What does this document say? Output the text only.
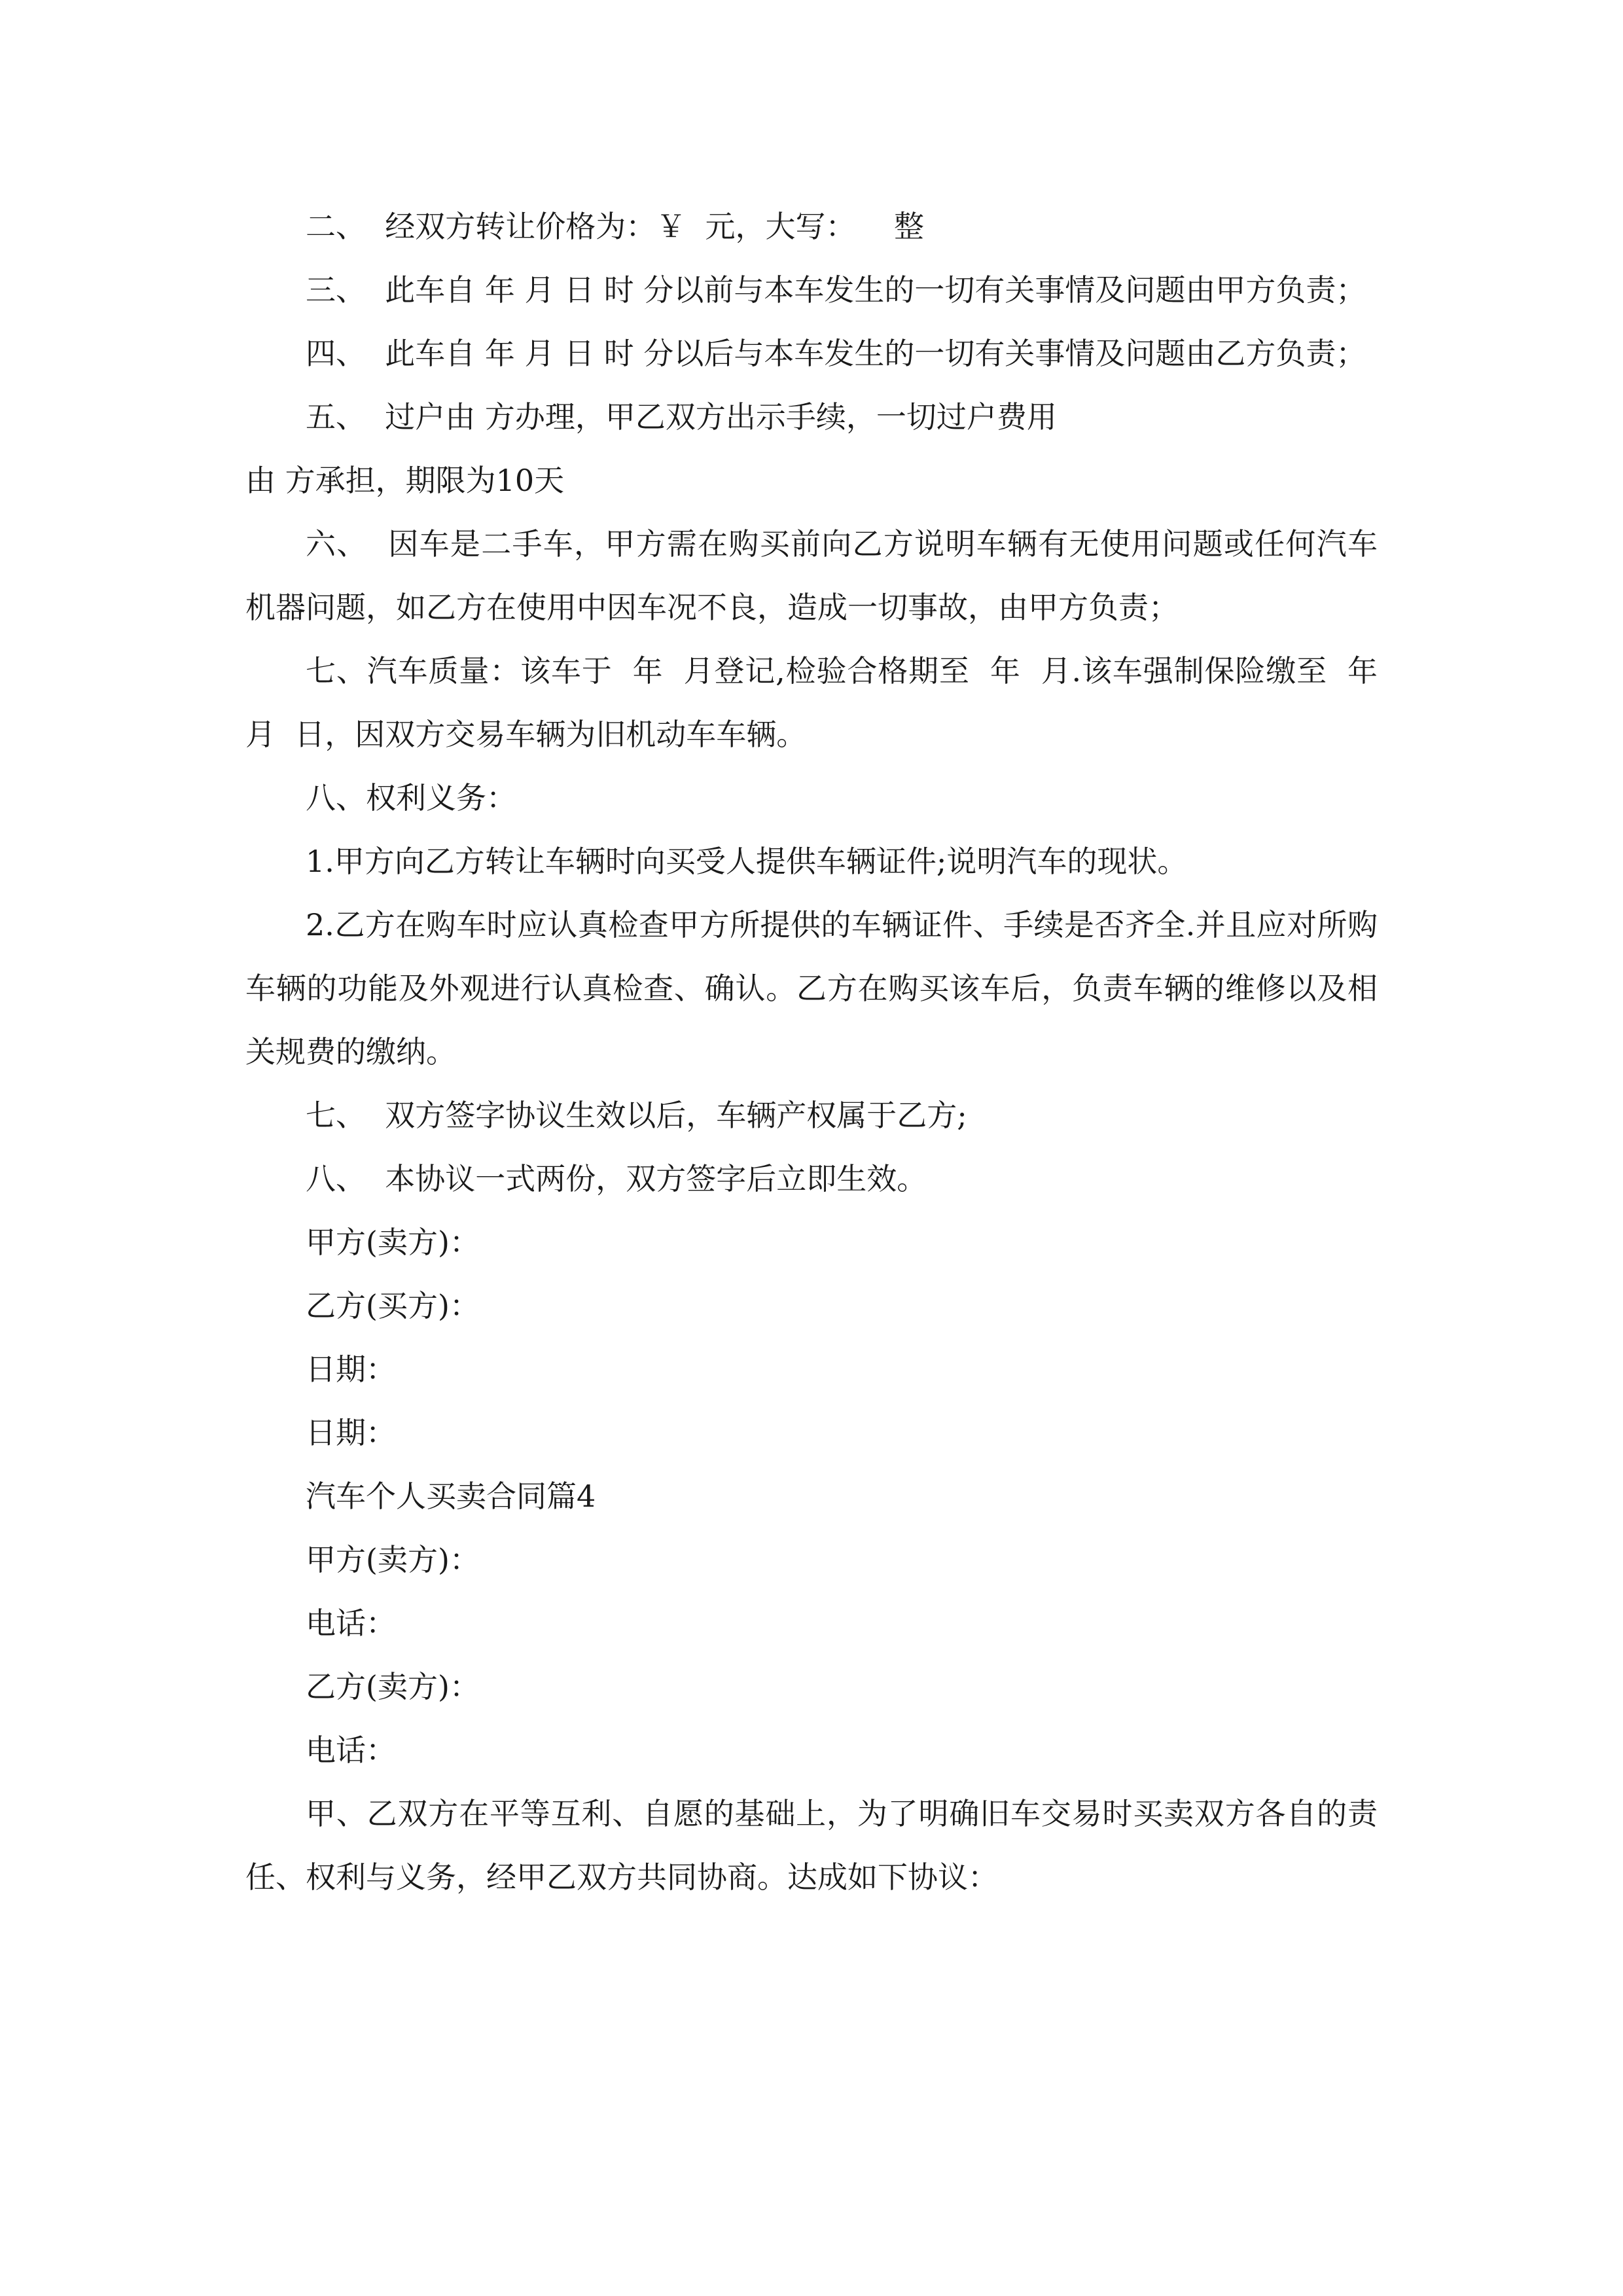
二、  经双方转让价格为：￥  元，大写：    整

三、  此车自 年 月 日 时 分以前与本车发生的一切有关事情及问题由甲方负责；

四、  此车自 年 月 日 时 分以后与本车发生的一切有关事情及问题由乙方负责；

五、  过户由 方办理，甲乙双方出示手续，一切过户费用

由 方承担，期限为10天

六、  因车是二手车，甲方需在购买前向乙方说明车辆有无使用问题或任何汽车机器问题，如乙方在使用中因车况不良，造成一切事故，由甲方负责；

七、汽车质量：该车于  年  月登记,检验合格期至  年  月.该车强制保险缴至  年  月  日，因双方交易车辆为旧机动车车辆。

八、权利义务：

1.甲方向乙方转让车辆时向买受人提供车辆证件;说明汽车的现状。

2.乙方在购车时应认真检查甲方所提供的车辆证件、手续是否齐全.并且应对所购车辆的功能及外观进行认真检查、确认。乙方在购买该车后，负责车辆的维修以及相关规费的缴纳。

七、  双方签字协议生效以后，车辆产权属于乙方;

八、  本协议一式两份，双方签字后立即生效。

甲方(卖方)：

乙方(买方)：

日期：

日期：

汽车个人买卖合同篇4

甲方(卖方)：

电话：

乙方(卖方)：

电话：

甲、乙双方在平等互利、自愿的基础上，为了明确旧车交易时买卖双方各自的责任、权利与义务，经甲乙双方共同协商。达成如下协议：
